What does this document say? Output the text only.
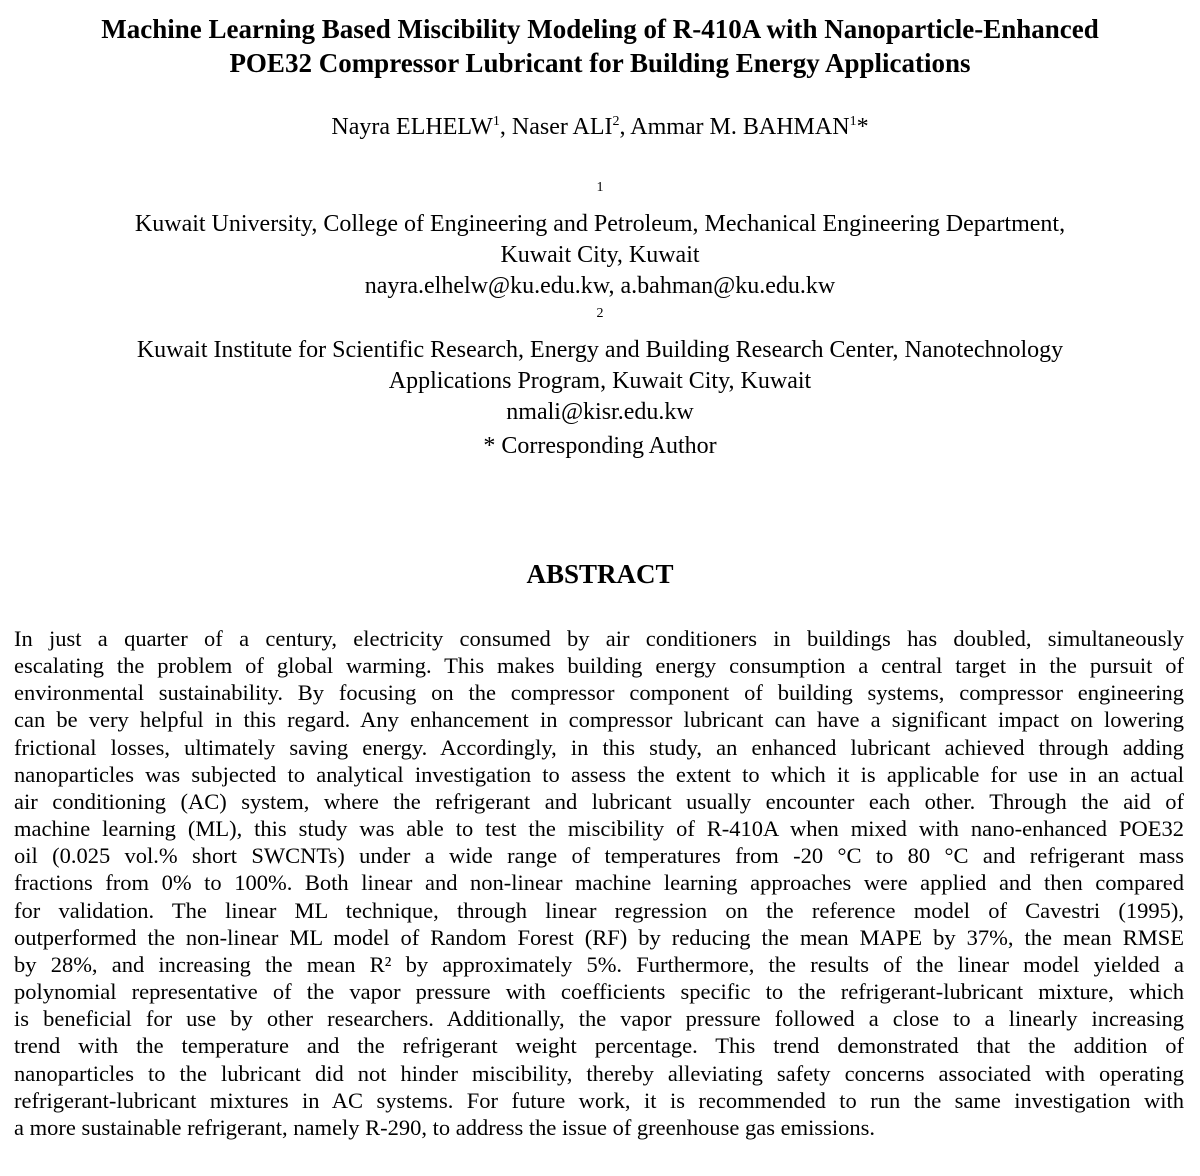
Machine Learning Based Miscibility Modeling of R-410A with Nanoparticle-Enhanced
POE32 Compressor Lubricant for Building Energy Applications

Nayra ELHELW$^1$, Naser ALI$^2$, Ammar M. BAHMAN$^1$*

$^1$
Kuwait University, College of Engineering and Petroleum, Mechanical Engineering Department,
Kuwait City, Kuwait
nayra.elhelw@ku.edu.kw, a.bahman@ku.edu.kw

$^2$
Kuwait Institute for Scientific Research, Energy and Building Research Center, Nanotechnology
Applications Program, Kuwait City, Kuwait
nmali@kisr.edu.kw

* Corresponding Author

ABSTRACT
In just a quarter of a century, electricity consumed by air conditioners in buildings has doubled, simultaneously
escalating the problem of global warming. This makes building energy consumption a central target in the pursuit of
environmental sustainability. By focusing on the compressor component of building systems, compressor engineering
can be very helpful in this regard. Any enhancement in compressor lubricant can have a significant impact on lowering
frictional losses, ultimately saving energy. Accordingly, in this study, an enhanced lubricant achieved through adding
nanoparticles was subjected to analytical investigation to assess the extent to which it is applicable for use in an actual
air conditioning (AC) system, where the refrigerant and lubricant usually encounter each other. Through the aid of
machine learning (ML), this study was able to test the miscibility of R-410A when mixed with nano-enhanced POE32
oil (0.025 vol.% short SWCNTs) under a wide range of temperatures from -20 °C to 80 °C and refrigerant mass
fractions from 0% to 100%. Both linear and non-linear machine learning approaches were applied and then compared
for validation. The linear ML technique, through linear regression on the reference model of Cavestri (1995),
outperformed the non-linear ML model of Random Forest (RF) by reducing the mean MAPE by 37%, the mean RMSE
by 28%, and increasing the mean R² by approximately 5%. Furthermore, the results of the linear model yielded a
polynomial representative of the vapor pressure with coefficients specific to the refrigerant-lubricant mixture, which
is beneficial for use by other researchers. Additionally, the vapor pressure followed a close to a linearly increasing
trend with the temperature and the refrigerant weight percentage. This trend demonstrated that the addition of
nanoparticles to the lubricant did not hinder miscibility, thereby alleviating safety concerns associated with operating
refrigerant-lubricant mixtures in AC systems. For future work, it is recommended to run the same investigation with
a more sustainable refrigerant, namely R-290, to address the issue of greenhouse gas emissions.
